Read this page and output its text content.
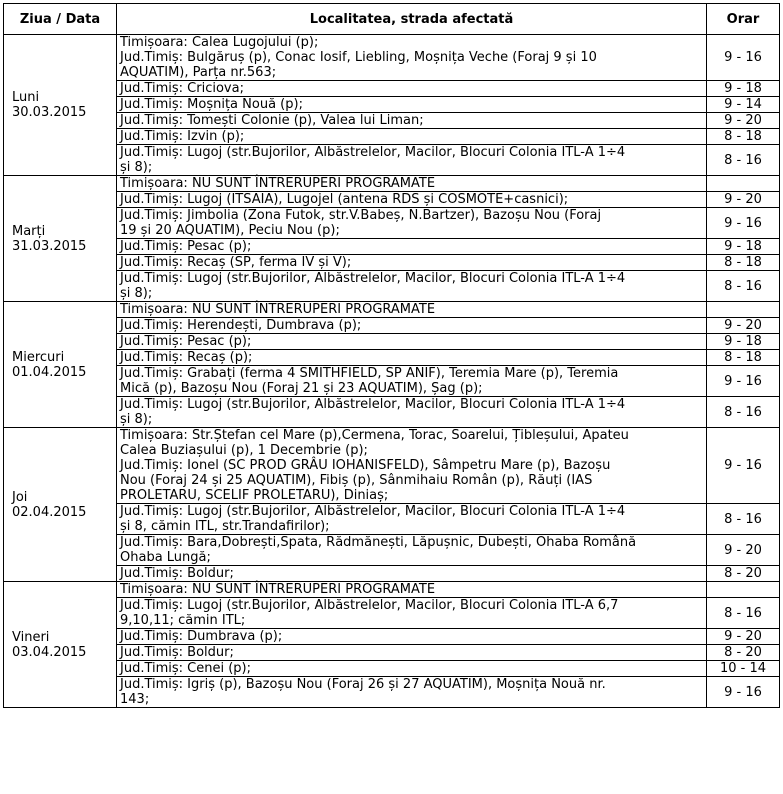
Ziua / Data	Localitatea, strada afectată	Orar

Luni
30.03.2015	Timișoara: Calea Lugojului (p);
Jud.Timiș: Bulgăruș (p), Conac Iosif, Liebling, Moșnița Veche (Foraj 9 și 10
AQUATIM), Parța nr.563;	9 - 16

	Jud.Timiș: Criciova;	9 - 18

	Jud.Timiș: Moșnița Nouă (p);	9 - 14

	Jud.Timiș: Tomești Colonie (p), Valea lui Liman;	9 - 20

	Jud.Timiș: Izvin (p);	8 - 18

	Jud.Timiș: Lugoj (str.Bujorilor, Albăstrelelor, Macilor, Blocuri Colonia ITL-A 1÷4
și 8);	8 - 16

Marți
31.03.2015	Timișoara: NU SUNT ÎNTRERUPERI PROGRAMATE	

	Jud.Timiș: Lugoj (ITSAIA), Lugojel (antena RDS și COSMOTE+casnici);	9 - 20

	Jud.Timiș: Jimbolia (Zona Futok, str.V.Babeș, N.Bartzer), Bazoșu Nou (Foraj
19 și 20 AQUATIM), Peciu Nou (p);	9 - 16

	Jud.Timiș: Pesac (p);	9 - 18

	Jud.Timiș: Recaș (SP, ferma IV și V);	8 - 18

	Jud.Timiș: Lugoj (str.Bujorilor, Albăstrelelor, Macilor, Blocuri Colonia ITL-A 1÷4
și 8);	8 - 16

Miercuri
01.04.2015	Timișoara: NU SUNT ÎNTRERUPERI PROGRAMATE	

	Jud.Timiș: Herendești, Dumbrava (p);	9 - 20

	Jud.Timiș: Pesac (p);	9 - 18

	Jud.Timiș: Recaș (p);	8 - 18

	Jud.Timiș: Grabați (ferma 4 SMITHFIELD, SP ANIF), Teremia Mare (p), Teremia
Mică (p), Bazoșu Nou (Foraj 21 și 23 AQUATIM), Șag (p);	9 - 16

	Jud.Timiș: Lugoj (str.Bujorilor, Albăstrelelor, Macilor, Blocuri Colonia ITL-A 1÷4
și 8);	8 - 16

Joi
02.04.2015	Timișoara: Str.Ștefan cel Mare (p),Cermena, Torac, Soarelui, Țibleșului, Apateu
Calea Buziașului (p), 1 Decembrie (p);
Jud.Timiș: Ionel (SC PROD GRÂU IOHANISFELD), Sâmpetru Mare (p), Bazoșu
Nou (Foraj 24 și 25 AQUATIM), Fibiș (p), Sânmihaiu Român (p), Răuți (IAS
PROLETARU, SCELIF PROLETARU), Diniaș;	9 - 16

	Jud.Timiș: Lugoj (str.Bujorilor, Albăstrelelor, Macilor, Blocuri Colonia ITL-A 1÷4
și 8, cămin ITL, str.Trandafirilor);	8 - 16

	Jud.Timiș: Bara,Dobrești,Spata, Rădmănești, Lăpușnic, Dubești, Ohaba Română
Ohaba Lungă;	9 - 20

	Jud.Timiș: Boldur;	8 - 20

Vineri
03.04.2015	Timișoara: NU SUNT ÎNTRERUPERI PROGRAMATE	

	Jud.Timiș: Lugoj (str.Bujorilor, Albăstrelelor, Macilor, Blocuri Colonia ITL-A 6,7
9,10,11; cămin ITL;	8 - 16

	Jud.Timiș: Dumbrava (p);	9 - 20

	Jud.Timiș: Boldur;	8 - 20

	Jud.Timiș: Cenei (p);	10 - 14

	Jud.Timiș: Igriș (p), Bazoșu Nou (Foraj 26 și 27 AQUATIM), Moșnița Nouă nr.
143;	9 - 16
